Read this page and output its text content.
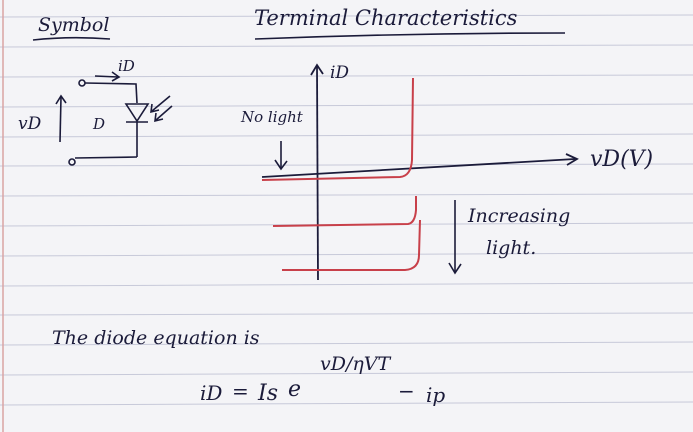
Symbol
iD
vD	D
Terminal Characteristics
iD
vD(V)
No light
Increasing
light.
The diode equation is
iD = Is e
vD/ηVT
− ip
